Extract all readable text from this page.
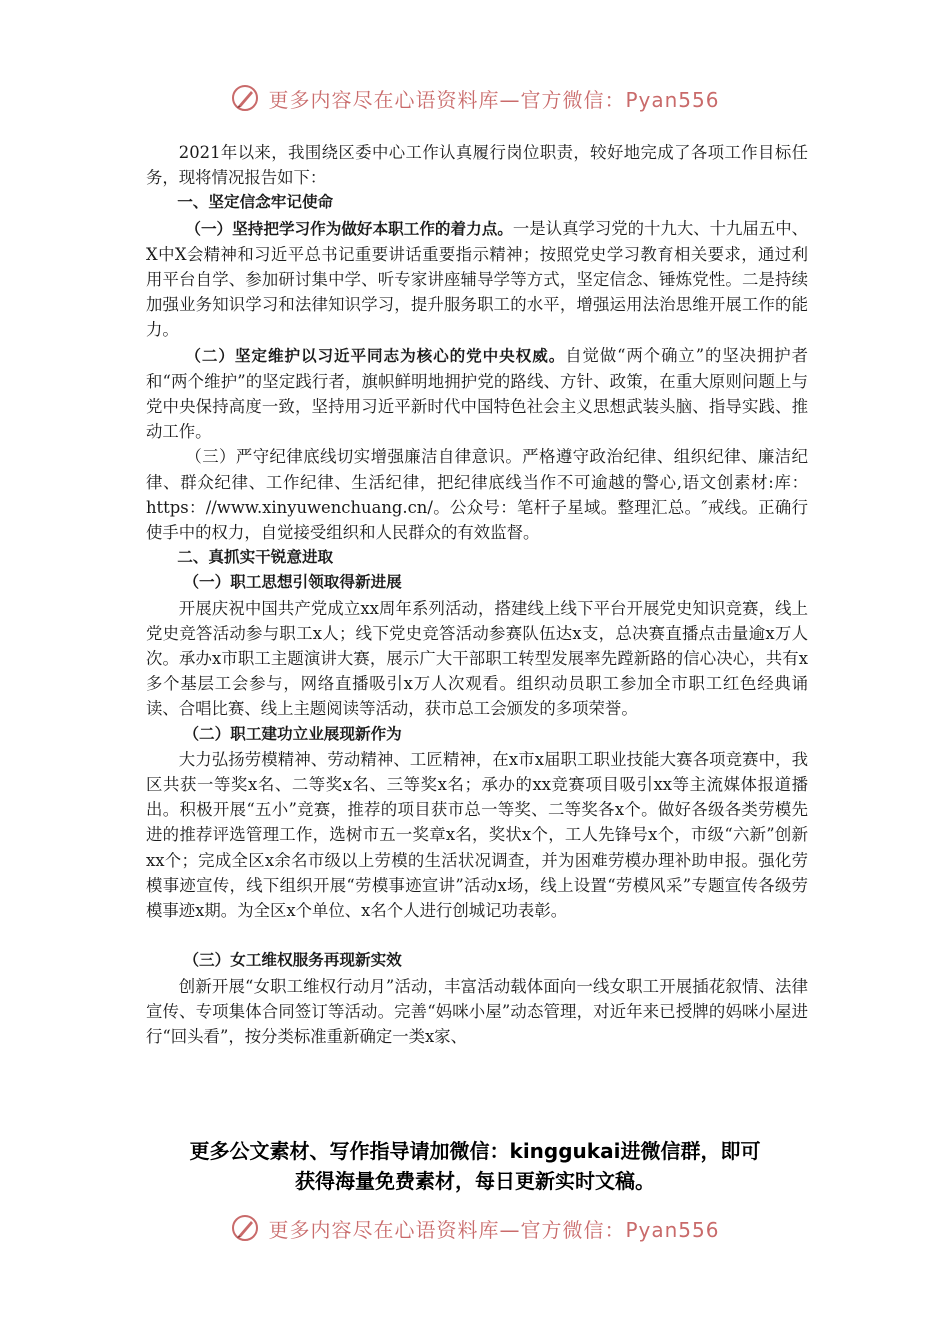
更多内容尽在心语资料库—官方微信：Pyan556

2021年以来，我围绕区委中心工作认真履行岗位职责，较好地完成了各项工作目标任务，现将情况报告如下：

一、坚定信念牢记使命

（一）坚持把学习作为做好本职工作的着力点。一是认真学习党的十九大、十九届五中、X中X会精神和习近平总书记重要讲话重要指示精神；按照党史学习教育相关要求，通过利用平台自学、参加研讨集中学、听专家讲座辅导学等方式，坚定信念、锤炼党性。二是持续加强业务知识学习和法律知识学习，提升服务职工的水平，增强运用法治思维开展工作的能力。

（二）坚定维护以习近平同志为核心的党中央权威。自觉做“两个确立”的坚决拥护者和“两个维护”的坚定践行者，旗帜鲜明地拥护党的路线、方针、政策，在重大原则问题上与党中央保持高度一致，坚持用习近平新时代中国特色社会主义思想武装头脑、指导实践、推动工作。

（三）严守纪律底线切实增强廉洁自律意识。严格遵守政治纪律、组织纪律、廉洁纪律、群众纪律、工作纪律、生活纪律，把纪律底线当作不可逾越的警心,语文创素材:库：https：//www.xinyuwenchuang.cn/。公众号：笔杆子星域。整理汇总。″戒线。正确行使手中的权力，自觉接受组织和人民群众的有效监督。

二、真抓实干锐意进取

（一）职工思想引领取得新进展

开展庆祝中国共产党成立xx周年系列活动，搭建线上线下平台开展党史知识竞赛，线上党史竞答活动参与职工x人；线下党史竞答活动参赛队伍达x支，总决赛直播点击量逾x万人次。承办x市职工主题演讲大赛，展示广大干部职工转型发展率先蹚新路的信心决心，共有x多个基层工会参与，网络直播吸引x万人次观看。组织动员职工参加全市职工红色经典诵读、合唱比赛、线上主题阅读等活动，获市总工会颁发的多项荣誉。

（二）职工建功立业展现新作为

大力弘扬劳模精神、劳动精神、工匠精神，在x市x届职工职业技能大赛各项竞赛中，我区共获一等奖x名、二等奖x名、三等奖x名；承办的xx竞赛项目吸引xx等主流媒体报道播出。积极开展“五小”竞赛，推荐的项目获市总一等奖、二等奖各x个。做好各级各类劳模先进的推荐评选管理工作，选树市五一奖章x名，奖状x个，工人先锋号x个，市级“六新”创新xx个；完成全区x余名市级以上劳模的生活状况调查，并为困难劳模办理补助申报。强化劳模事迹宣传，线下组织开展“劳模事迹宣讲”活动x场，线上设置“劳模风采”专题宣传各级劳模事迹x期。为全区x个单位、x名个人进行创城记功表彰。

（三）女工维权服务再现新实效

创新开展“女职工维权行动月”活动，丰富活动载体面向一线女职工开展插花叙情、法律宣传、专项集体合同签订等活动。完善“妈咪小屋”动态管理，对近年来已授牌的妈咪小屋进行“回头看”，按分类标准重新确定一类x家、

更多公文素材、写作指导请加微信：kinggukai进微信群，即可
获得海量免费素材，每日更新实时文稿。
更多内容尽在心语资料库—官方微信：Pyan556
